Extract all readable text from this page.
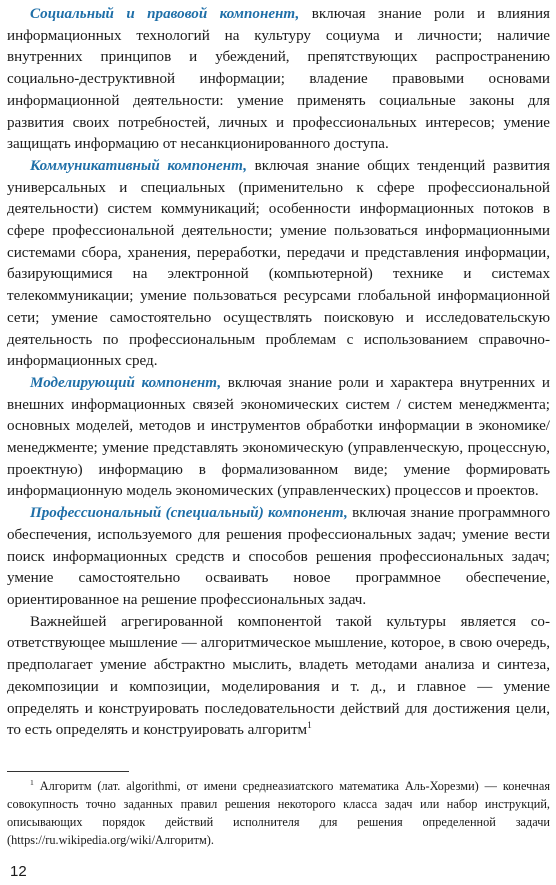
Социальный и правовой компонент, включая знание роли и влияния информационных технологий на культуру социума и личности; наличие внутренних принципов и убеждений, препятствующих распространению социально-деструктивной информации; владение правовыми основами информационной деятельности: умение применять социальные законы для развития своих потребностей, личных и профессиональных интересов; умение защищать информацию от несанкционированного доступа.

Коммуникативный компонент, включая знание общих тенденций развития универсальных и специальных (применительно к сфере профессиональной деятельности) систем коммуникаций; особенности информационных потоков в сфере профессиональной деятельности; умение пользоваться информационными системами сбора, хранения, переработки, передачи и представления информации, базирующимися на электронной (компьютерной) технике и системах телекоммуникации; умение пользоваться ресурсами глобальной информационной сети; умение самостоятельно осуществлять поисковую и исследовательскую деятельность по профессиональным проблемам с использованием справочно-информационных сред.

Моделирующий компонент, включая знание роли и характера внутренних и внешних информационных связей экономических систем / систем менеджмента; основных моделей, методов и инструментов обработки информации в экономике/менеджменте; умение представлять экономическую (управленческую, процессную, проектную) информацию в формализованном виде; умение формировать информационную модель экономических (управленческих) процессов и проектов.

Профессиональный (специальный) компонент, включая знание программного обеспечения, используемого для решения профессиональных задач; умение вести поиск информационных средств и способов решения профессиональных задач; умение самостоятельно осваивать новое программное обеспечение, ориентированное на решение профессиональных задач.

Важнейшей агрегированной компонентой такой культуры является соответствующее мышление — алгоритмическое мышление, которое, в свою очередь, предполагает умение абстрактно мыслить, владеть методами анализа и синтеза, декомпозиции и композиции, моделирования и т. д., и главное — умение определять и конструировать последовательности действий для достижения цели, то есть определять и конструировать алгоритм$^1$

$^1$ Алгоритм (лат. algorithmi, от имени среднеазиатского математика Аль-Хорезми) — конечная совокупность точно заданных правил решения некоторого класса задач или набор инструкций, описывающих порядок действий исполнителя для решения определенной задачи (https://ru.wikipedia.org/wiki/Алгоритм).

12
